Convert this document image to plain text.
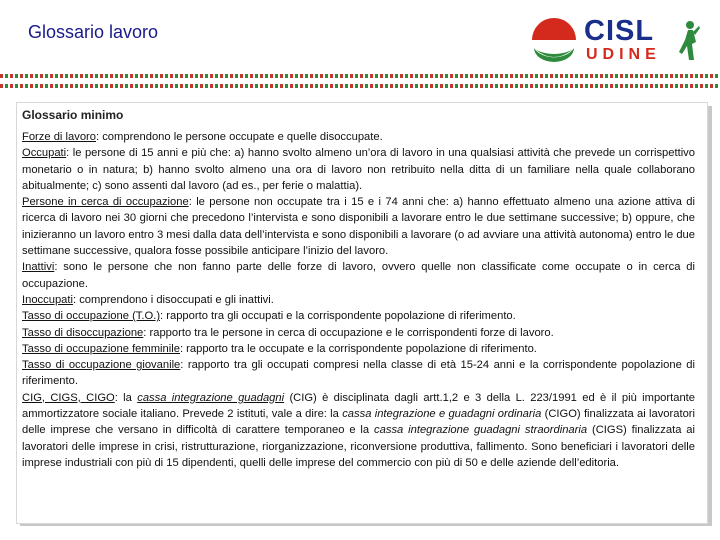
Glossario lavoro	CISL
UDINE
Glossario minimo

Forze di lavoro: comprendono le persone occupate e quelle disoccupate.

Occupati: le persone di 15 anni e più che: a) hanno svolto almeno un’ora di lavoro in una qualsiasi attività che prevede un corrispettivo monetario o in natura; b) hanno svolto almeno una ora di lavoro non retribuito nella ditta di un familiare nella quale collaborano abitualmente; c) sono assenti dal lavoro (ad es., per ferie o malattia).

Persone in cerca di occupazione: le persone non occupate tra i 15 e i 74 anni che: a) hanno effettuato almeno una azione attiva di ricerca di lavoro nei 30 giorni che precedono l’intervista e sono disponibili a lavorare entro le due settimane successive; b) oppure, che inizieranno un lavoro entro 3 mesi dalla data dell’intervista e sono disponibili a lavorare (o ad avviare una attività autonoma) entro le due settimane successive, qualora fosse possibile anticipare l’inizio del lavoro.

Inattivi: sono le persone che non fanno parte delle forze di lavoro, ovvero quelle non classificate come occupate o in cerca di occupazione.

Inoccupati: comprendono i disoccupati e gli inattivi.

Tasso di occupazione (T.O.): rapporto tra gli occupati e la corrispondente popolazione di riferimento.

Tasso di disoccupazione: rapporto tra le persone in cerca di occupazione e le corrispondenti forze di lavoro.

Tasso di occupazione femminile: rapporto tra le occupate e la corrispondente popolazione di riferimento.

Tasso di occupazione giovanile: rapporto tra gli occupati compresi nella classe di età 15-24 anni e la corrispondente popolazione di riferimento.

CIG, CIGS, CIGO: la cassa integrazione guadagni (CIG) è disciplinata dagli artt.1,2 e 3 della L. 223/1991 ed è il più importante ammortizzatore sociale italiano. Prevede 2 istituti, vale a dire: la cassa integrazione e guadagni ordinaria (CIGO) finalizzata ai lavoratori delle imprese che versano in difficoltà di carattere temporaneo e la cassa integrazione guadagni straordinaria (CIGS) finalizzata ai lavoratori delle imprese in crisi, ristrutturazione, riorganizzazione, riconversione produttiva, fallimento. Sono beneficiari i lavoratori delle imprese industriali con più di 15 dipendenti, quelli delle imprese del commercio con più di 50 e delle aziende dell’editoria.
